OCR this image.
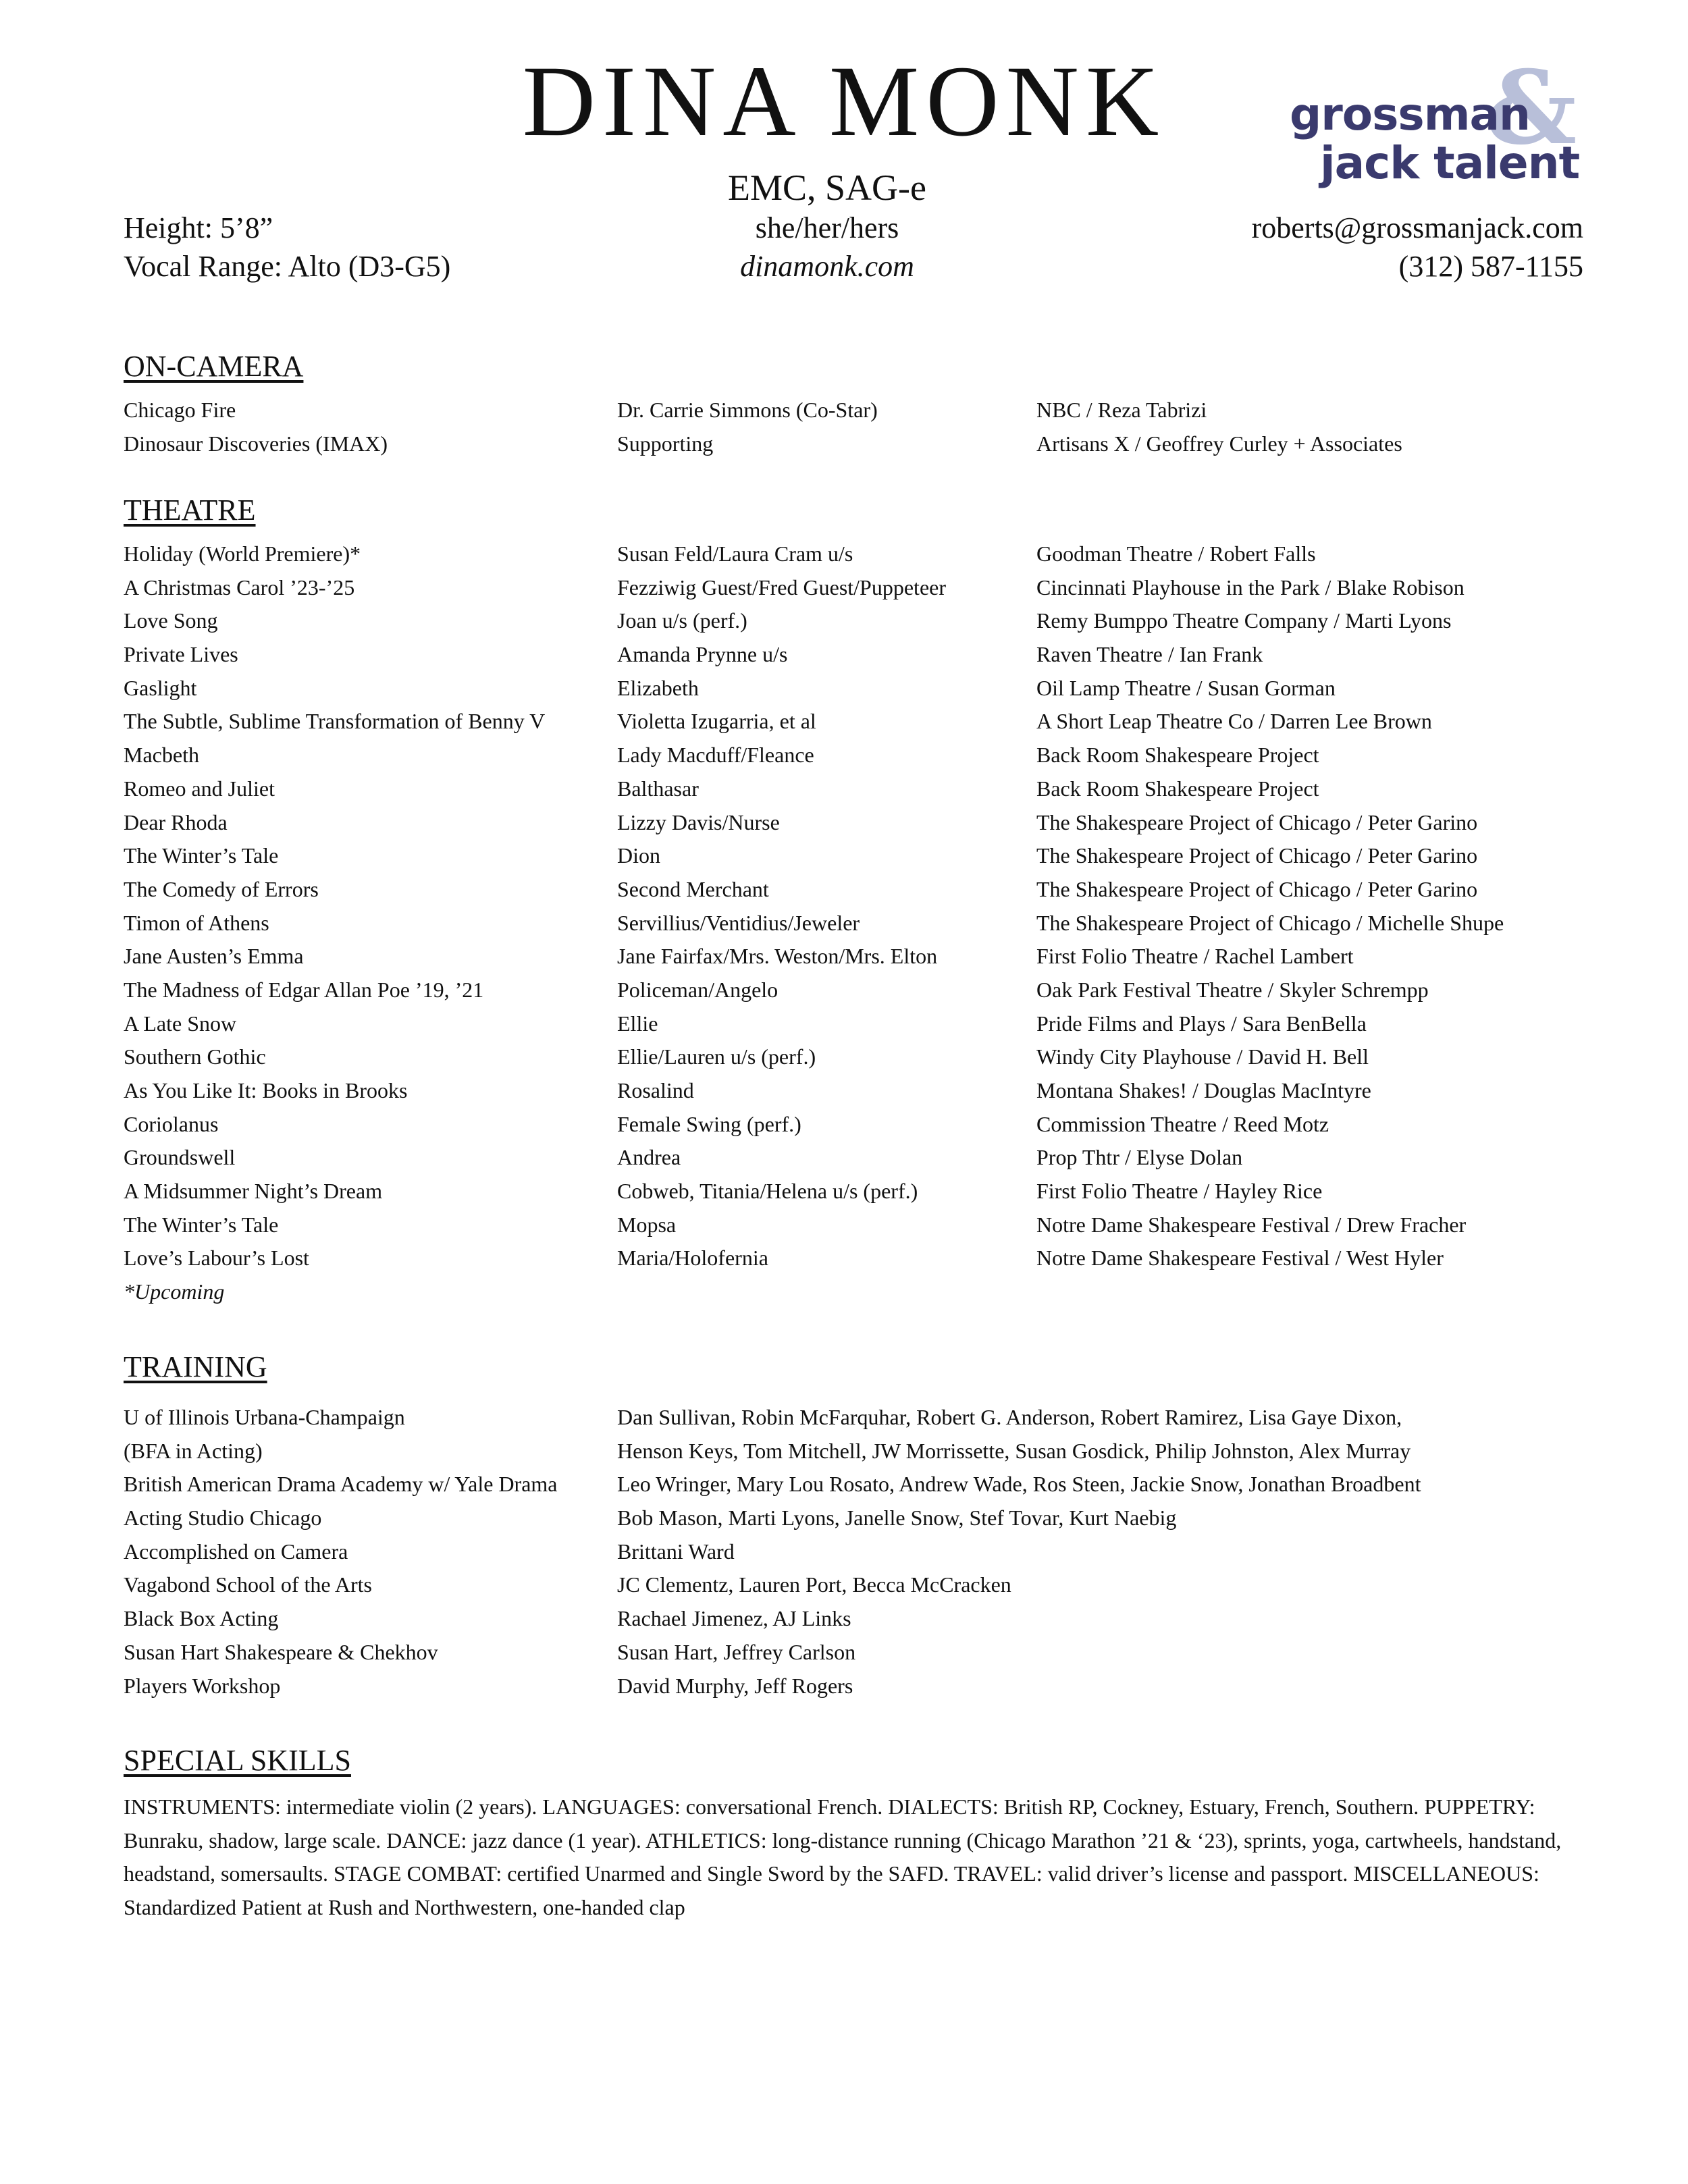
DINA MONK	&
grossman
jack talent
EMC, SAG-e
she/her/hers
dinamonk.com
Height: 5’8”
Vocal Range: Alto (D3-G5)
roberts@grossmanjack.com
(312) 587-1155
ON-CAMERA
Chicago Fire	Dr. Carrie Simmons (Co-Star)	NBC / Reza Tabrizi
Dinosaur Discoveries (IMAX)	Supporting	Artisans X / Geoffrey Curley + Associates
THEATRE
Holiday (World Premiere)*	Susan Feld/Laura Cram u/s	Goodman Theatre / Robert Falls
A Christmas Carol ’23-’25	Fezziwig Guest/Fred Guest/Puppeteer	Cincinnati Playhouse in the Park / Blake Robison
Love Song	Joan u/s (perf.)	Remy Bumppo Theatre Company / Marti Lyons
Private Lives	Amanda Prynne u/s	Raven Theatre / Ian Frank
Gaslight	Elizabeth	Oil Lamp Theatre / Susan Gorman
The Subtle, Sublime Transformation of Benny V	Violetta Izugarria, et al	A Short Leap Theatre Co / Darren Lee Brown
Macbeth	Lady Macduff/Fleance	Back Room Shakespeare Project
Romeo and Juliet	Balthasar	Back Room Shakespeare Project
Dear Rhoda	Lizzy Davis/Nurse	The Shakespeare Project of Chicago / Peter Garino
The Winter’s Tale	Dion	The Shakespeare Project of Chicago / Peter Garino
The Comedy of Errors	Second Merchant	The Shakespeare Project of Chicago / Peter Garino
Timon of Athens	Servillius/Ventidius/Jeweler	The Shakespeare Project of Chicago / Michelle Shupe
Jane Austen’s Emma	Jane Fairfax/Mrs. Weston/Mrs. Elton	First Folio Theatre / Rachel Lambert
The Madness of Edgar Allan Poe ’19, ’21	Policeman/Angelo	Oak Park Festival Theatre / Skyler Schrempp
A Late Snow	Ellie	Pride Films and Plays / Sara BenBella
Southern Gothic	Ellie/Lauren u/s (perf.)	Windy City Playhouse / David H. Bell
As You Like It: Books in Brooks	Rosalind	Montana Shakes! / Douglas MacIntyre
Coriolanus	Female Swing (perf.)	Commission Theatre / Reed Motz
Groundswell	Andrea	Prop Thtr / Elyse Dolan
A Midsummer Night’s Dream	Cobweb, Titania/Helena u/s (perf.)	First Folio Theatre / Hayley Rice
The Winter’s Tale	Mopsa	Notre Dame Shakespeare Festival / Drew Fracher
Love’s Labour’s Lost	Maria/Holofernia	Notre Dame Shakespeare Festival / West Hyler
*Upcoming
TRAINING
U of Illinois Urbana-Champaign	Dan Sullivan, Robin McFarquhar, Robert G. Anderson, Robert Ramirez, Lisa Gaye Dixon,
(BFA in Acting)	Henson Keys, Tom Mitchell, JW Morrissette, Susan Gosdick, Philip Johnston, Alex Murray
British American Drama Academy w/ Yale Drama	Leo Wringer, Mary Lou Rosato, Andrew Wade, Ros Steen, Jackie Snow, Jonathan Broadbent
Acting Studio Chicago	Bob Mason, Marti Lyons, Janelle Snow, Stef Tovar, Kurt Naebig
Accomplished on Camera	Brittani Ward
Vagabond School of the Arts	JC Clementz, Lauren Port, Becca McCracken
Black Box Acting	Rachael Jimenez, AJ Links
Susan Hart Shakespeare & Chekhov	Susan Hart, Jeffrey Carlson
Players Workshop	David Murphy, Jeff Rogers
SPECIAL SKILLS

INSTRUMENTS: intermediate violin (2 years). LANGUAGES: conversational French. DIALECTS: British RP, Cockney, Estuary, French, Southern. PUPPETRY: Bunraku, shadow, large scale. DANCE: jazz dance (1 year). ATHLETICS: long-distance running (Chicago Marathon ’21 & ‘23), sprints, yoga, cartwheels, handstand, headstand, somersaults. STAGE COMBAT: certified Unarmed and Single Sword by the SAFD. TRAVEL: valid driver’s license and passport. MISCELLANEOUS: Standardized Patient at Rush and Northwestern, one-handed clap
